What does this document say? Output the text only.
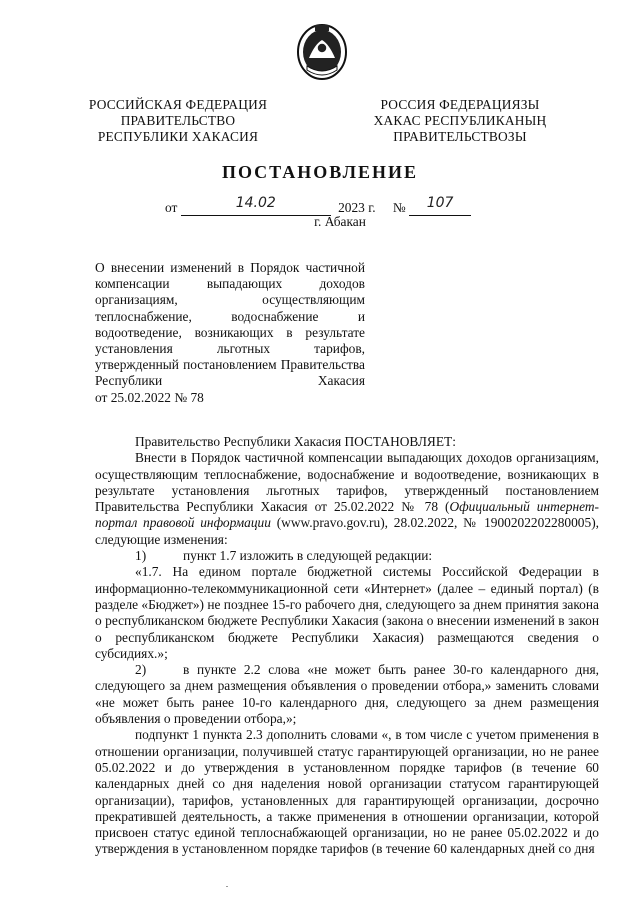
РОССИЙСКАЯ ФЕДЕРАЦИЯ
ПРАВИТЕЛЬСТВО
РЕСПУБЛИКИ ХАКАСИЯ
РОССИЯ ФЕДЕРАЦИЯЗЫ
ХАКАС РЕСПУБЛИКАНЫҢ
ПРАВИТЕЛЬСТВОЗЫ
ПОСТАНОВЛЕНИЕ
от	14.02	2023 г. № 107
г. Абакан
О внесении изменений в Порядок частичной компенсации выпадающих доходов организациям, осуществляющим теплоснабжение, водоснабжение и водоотведение, возникающих в результате установления льготных тарифов, утвержденный постановлением Правительства Республики Хакасия
от 25.02.2022 № 78

Правительство Республики Хакасия ПОСТАНОВЛЯЕТ:

Внести в Порядок частичной компенсации выпадающих доходов организациям, осуществляющим теплоснабжение, водоснабжение и водоотведение, возникающих в результате установления льготных тарифов, утвержденный постановлением Правительства Республики Хакасия от 25.02.2022 № 78 (Официальный интернет-портал правовой информации (www.pravo.gov.ru), 28.02.2022, № 1900202202280005), следующие изменения:

1)	пункт 1.7 изложить в следующей редакции:

«1.7. На едином портале бюджетной системы Российской Федерации в информационно-телекоммуникационной сети «Интернет» (далее – единый портал) (в разделе «Бюджет») не позднее 15-го рабочего дня, следующего за днем принятия закона о республиканском бюджете Республики Хакасия (закона о внесении изменений в закон о республиканском бюджете Республики Хакасия) размещаются сведения о субсидиях.»;

2)	в пункте 2.2 слова «не может быть ранее 30-го календарного дня, следующего за днем размещения объявления о проведении отбора,» заменить словами «не может быть ранее 10-го календарного дня, следующего за днем размещения объявления о проведении отбора,»;

подпункт 1 пункта 2.3 дополнить словами «, в том числе с учетом применения в отношении организации, получившей статус гарантирующей организации, но не ранее 05.02.2022 и до утверждения в установленном порядке тарифов (в течение 60 календарных дней со дня наделения новой организации статусом гарантирующей организации), тарифов, установленных для гарантирующей организации, досрочно прекратившей деятельность, а также применения в отношении организации, которой присвоен статус единой теплоснабжающей организации, но не ранее 05.02.2022 и до утверждения в установленном порядке тарифов (в течение 60 календарных дней со дня
